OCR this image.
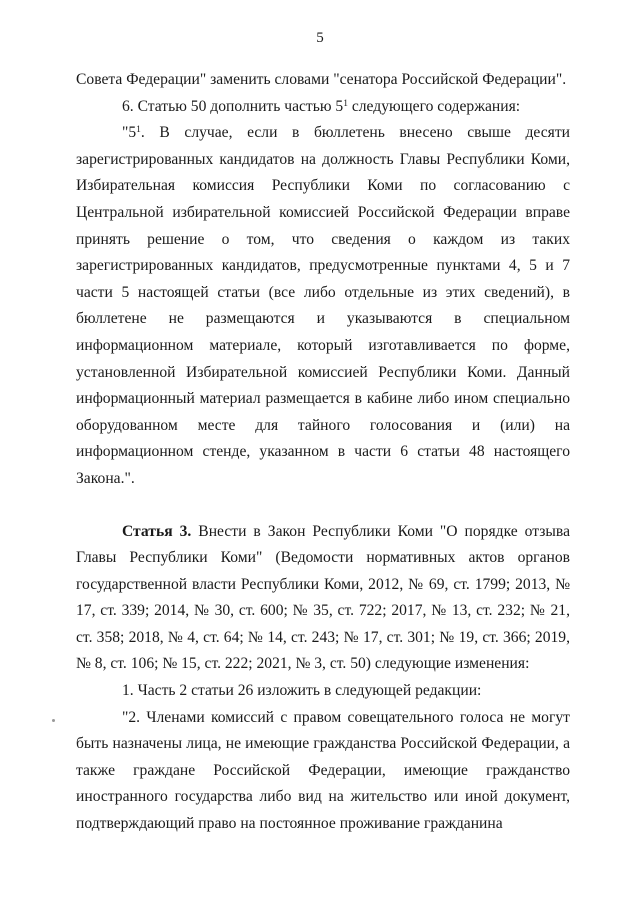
5

Совета Федерации" заменить словами "сенатора Российской Федерации".

6. Статью 50 дополнить частью $5^1$ следующего содержания:

"$5^1$. В случае, если в бюллетень внесено свыше десяти зарегистрированных кандидатов на должность Главы Республики Коми, Избирательная комиссия Республики Коми по согласованию с Центральной избирательной комиссией Российской Федерации вправе принять решение о том, что сведения о каждом из таких зарегистрированных кандидатов, предусмотренные пунктами 4, 5 и 7 части 5 настоящей статьи (все либо отдельные из этих сведений), в бюллетене не размещаются и указываются в специальном информационном материале, который изготавливается по форме, установленной Избирательной комиссией Республики Коми. Данный информационный материал размещается в кабине либо ином специально оборудованном месте для тайного голосования и (или) на информационном стенде, указанном в части 6 статьи 48 настоящего Закона.".

Статья 3. Внести в Закон Республики Коми "О порядке отзыва Главы Республики Коми" (Ведомости нормативных актов органов государственной власти Республики Коми, 2012, № 69, ст. 1799; 2013, № 17, ст. 339; 2014, № 30, ст. 600; № 35, ст. 722; 2017, № 13, ст. 232; № 21, ст. 358; 2018, № 4, ст. 64; № 14, ст. 243; № 17, ст. 301; № 19, ст. 366; 2019, № 8, ст. 106; № 15, ст. 222; 2021, № 3, ст. 50) следующие изменения:

1. Часть 2 статьи 26 изложить в следующей редакции:

"2. Членами комиссий с правом совещательного голоса не могут быть назначены лица, не имеющие гражданства Российской Федерации, а также граждане Российской Федерации, имеющие гражданство иностранного государства либо вид на жительство или иной документ, подтверждающий право на постоянное проживание гражданина
